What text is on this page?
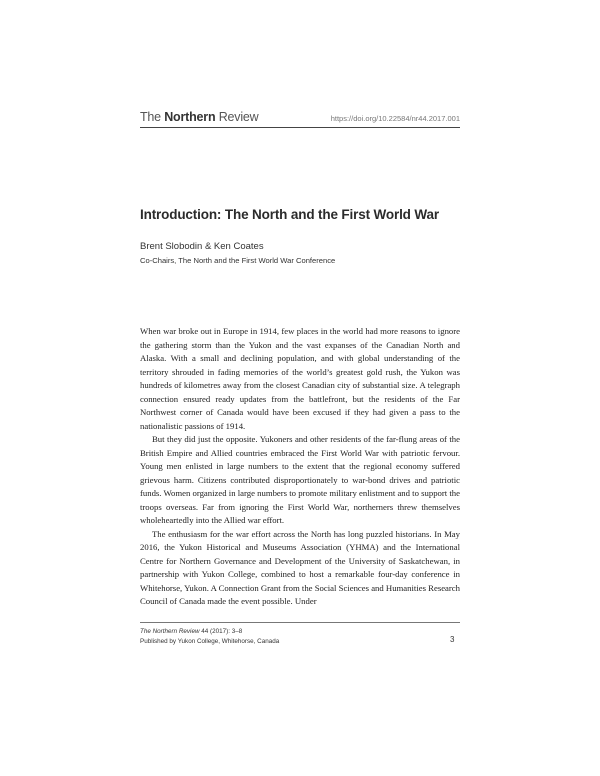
The Northern Review	https://doi.org/10.22584/nr44.2017.001
Introduction: The North and the First World War
Brent Slobodin & Ken Coates
Co-Chairs, The North and the First World War Conference

When war broke out in Europe in 1914, few places in the world had more reasons to ignore the gathering storm than the Yukon and the vast expanses of the Canadian North and Alaska. With a small and declining population, and with global understanding of the territory shrouded in fading memories of the world’s greatest gold rush, the Yukon was hundreds of kilometres away from the closest Canadian city of substantial size. A telegraph connection ensured ready updates from the battlefront, but the residents of the Far Northwest corner of Canada would have been excused if they had given a pass to the nationalistic passions of 1914.

But they did just the opposite. Yukoners and other residents of the far-flung areas of the British Empire and Allied countries embraced the First World War with patriotic fervour. Young men enlisted in large numbers to the extent that the regional economy suffered grievous harm. Citizens contributed disproportionately to war-bond drives and patriotic funds. Women organized in large numbers to promote military enlistment and to support the troops overseas. Far from ignoring the First World War, northerners threw themselves wholeheartedly into the Allied war effort.

The enthusiasm for the war effort across the North has long puzzled historians. In May 2016, the Yukon Historical and Museums Association (YHMA) and the International Centre for Northern Governance and Development of the University of Saskatchewan, in partnership with Yukon College, combined to host a remarkable four-day conference in Whitehorse, Yukon. A Connection Grant from the Social Sciences and Humanities Research Council of Canada made the event possible. Under

The Northern Review 44 (2017): 3–8
Published by Yukon College, Whitehorse, Canada	3
